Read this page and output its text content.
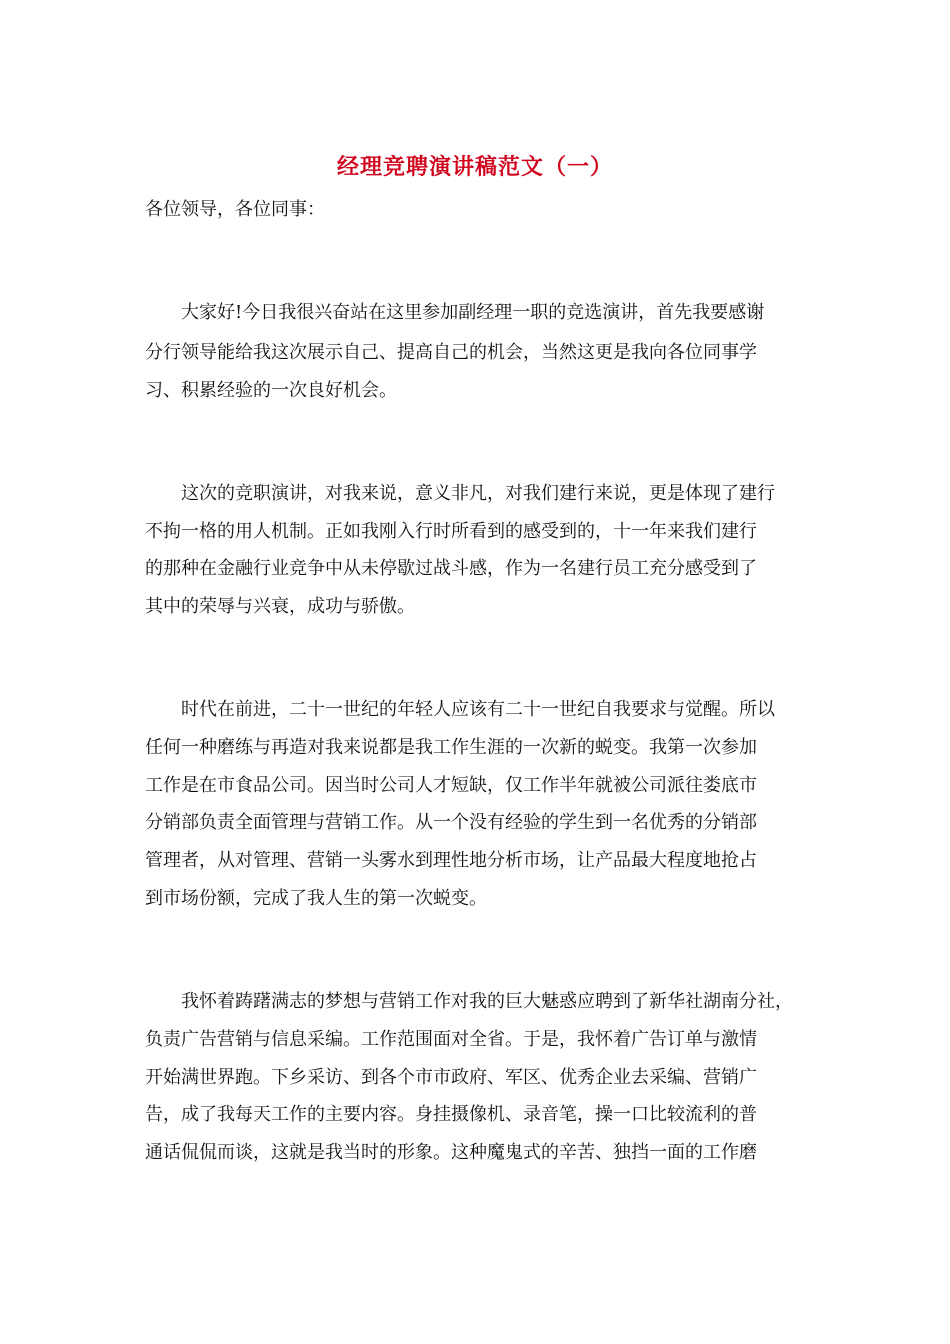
经理竞聘演讲稿范文（一）
各位领导，各位同事：
　　大家好!今日我很兴奋站在这里参加副经理一职的竞选演讲，首先我要感谢
分行领导能给我这次展示自己、提高自己的机会，当然这更是我向各位同事学
习、积累经验的一次良好机会。
　　这次的竞职演讲，对我来说，意义非凡，对我们建行来说，更是体现了建行
不拘一格的用人机制。正如我刚入行时所看到的感受到的，十一年来我们建行
的那种在金融行业竞争中从未停歇过战斗感，作为一名建行员工充分感受到了
其中的荣辱与兴衰，成功与骄傲。
　　时代在前进，二十一世纪的年轻人应该有二十一世纪自我要求与觉醒。所以
任何一种磨练与再造对我来说都是我工作生涯的一次新的蜕变。我第一次参加
工作是在市食品公司。因当时公司人才短缺，仅工作半年就被公司派往娄底市
分销部负责全面管理与营销工作。从一个没有经验的学生到一名优秀的分销部
管理者，从对管理、营销一头雾水到理性地分析市场，让产品最大程度地抢占
到市场份额，完成了我人生的第一次蜕变。
　　我怀着踌躇满志的梦想与营销工作对我的巨大魅惑应聘到了新华社湖南分社，
负责广告营销与信息采编。工作范围面对全省。于是，我怀着广告订单与激情
开始满世界跑。下乡采访、到各个市市政府、军区、优秀企业去采编、营销广
告，成了我每天工作的主要内容。身挂摄像机、录音笔，操一口比较流利的普
通话侃侃而谈，这就是我当时的形象。这种魔鬼式的辛苦、独挡一面的工作磨
